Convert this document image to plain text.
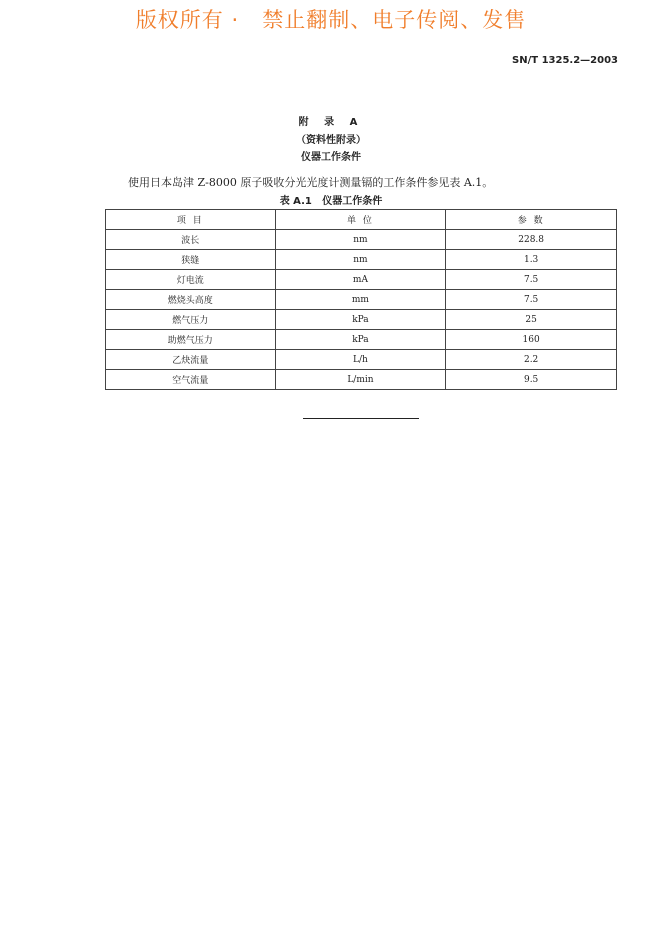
版权所有 ·   禁止翻制、电子传阅、发售
SN/T 1325.2—2003
附 录 A
（资料性附录）
仪器工作条件
使用日本岛津 Z-8000 原子吸收分光光度计测量镉的工作条件参见表 A.1。
表 A.1   仪器工作条件
项 目	单 位	参 数
波长	nm	228.8
狭缝	nm	1.3
灯电流	mA	7.5
燃烧头高度	mm	7.5
燃气压力	kPa	25
助燃气压力	kPa	160
乙炔流量	L/h	2.2
空气流量	L/min	9.5
